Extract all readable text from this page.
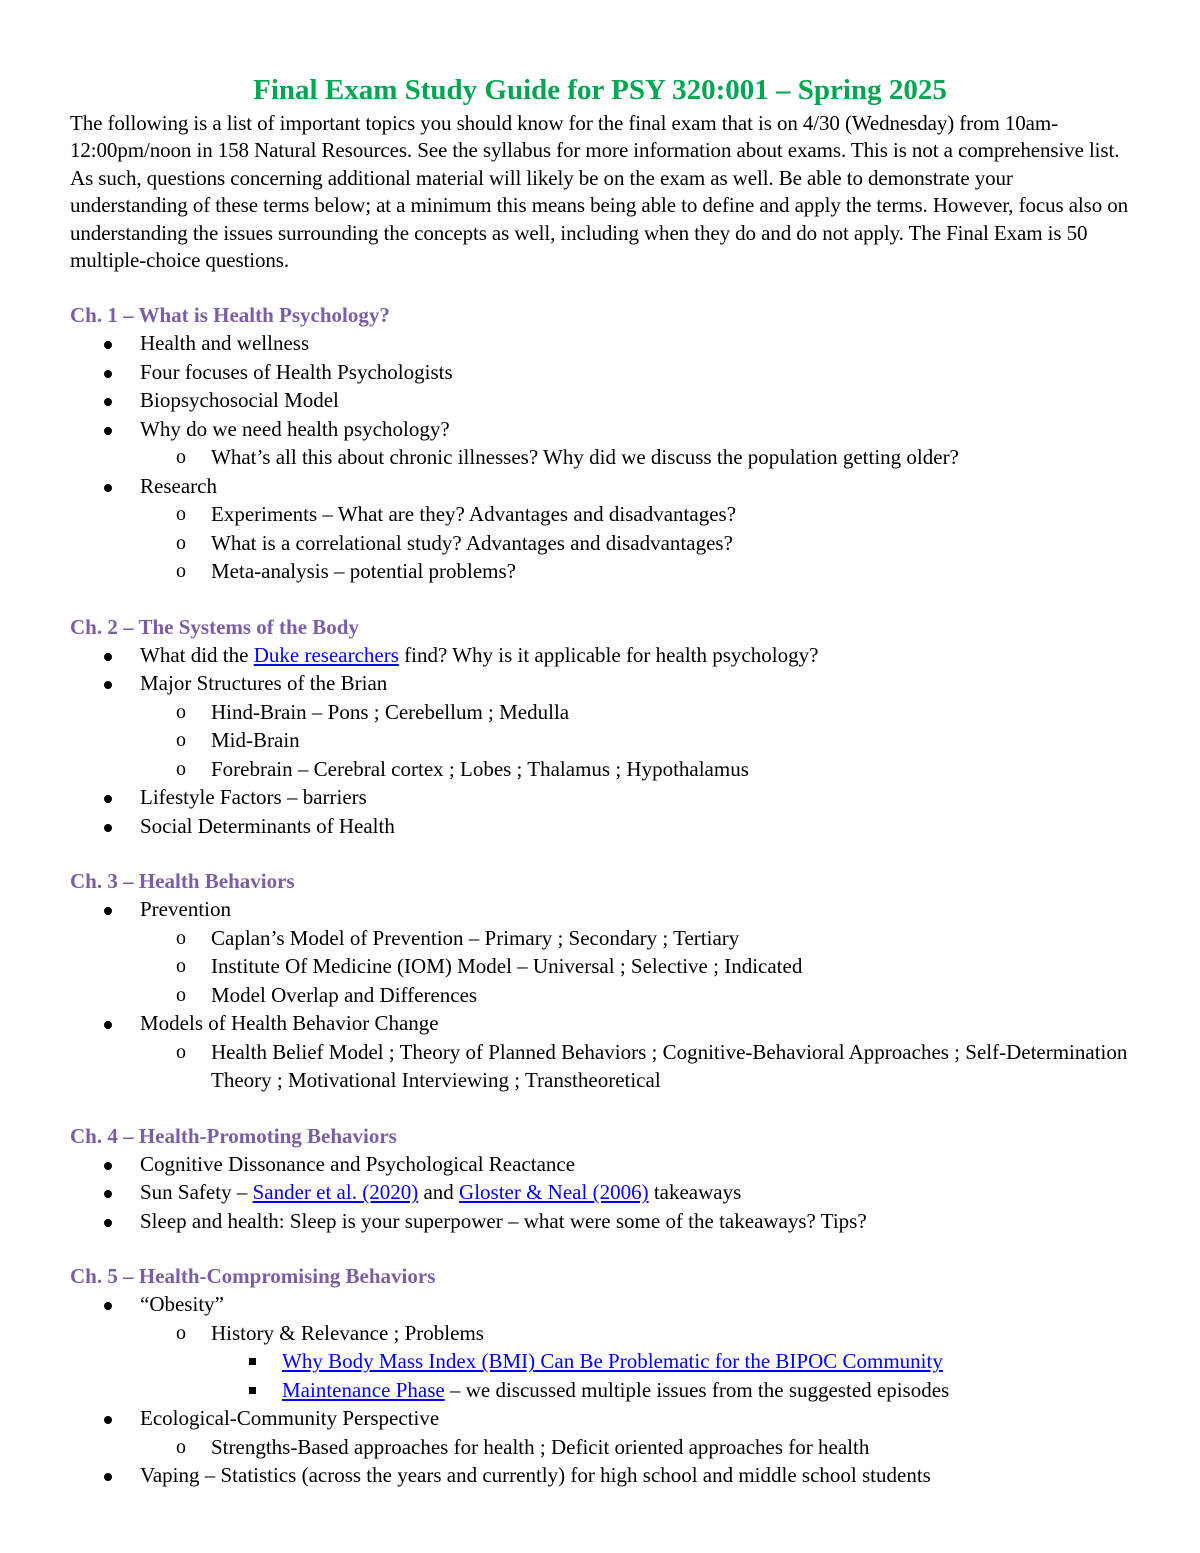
Final Exam Study Guide for PSY 320:001 – Spring 2025

The following is a list of important topics you should know for the final exam that is on 4/30 (Wednesday) from 10am-12:00pm/noon in 158 Natural Resources. See the syllabus for more information about exams. This is not a comprehensive list. As such, questions concerning additional material will likely be on the exam as well. Be able to demonstrate your understanding of these terms below; at a minimum this means being able to define and apply the terms. However, focus also on understanding the issues surrounding the concepts as well, including when they do and do not apply. The Final Exam is 50 multiple-choice questions.

Ch. 1 – What is Health Psychology?
Health and wellness
Four focuses of Health Psychologists
Biopsychosocial Model
Why do we need health psychology?
o What’s all this about chronic illnesses? Why did we discuss the population getting older?
Research
o Experiments – What are they? Advantages and disadvantages?
o What is a correlational study? Advantages and disadvantages?
o Meta-analysis – potential problems?
Ch. 2 – The Systems of the Body
What did the Duke researchers find? Why is it applicable for health psychology?
Major Structures of the Brian
o Hind-Brain – Pons ; Cerebellum ; Medulla
o Mid-Brain
o Forebrain – Cerebral cortex ; Lobes ; Thalamus ; Hypothalamus
Lifestyle Factors – barriers
Social Determinants of Health
Ch. 3 – Health Behaviors
Prevention
o Caplan’s Model of Prevention – Primary ; Secondary ; Tertiary
o Institute Of Medicine (IOM) Model – Universal ; Selective ; Indicated
o Model Overlap and Differences
Models of Health Behavior Change
o Health Belief Model ; Theory of Planned Behaviors ; Cognitive-Behavioral Approaches ; Self-Determination Theory ; Motivational Interviewing ; Transtheoretical
Ch. 4 – Health-Promoting Behaviors
Cognitive Dissonance and Psychological Reactance
Sun Safety – Sander et al. (2020) and Gloster & Neal (2006) takeaways
Sleep and health: Sleep is your superpower – what were some of the takeaways? Tips?
Ch. 5 – Health-Compromising Behaviors
“Obesity”
o History & Relevance ; Problems
Why Body Mass Index (BMI) Can Be Problematic for the BIPOC Community
Maintenance Phase – we discussed multiple issues from the suggested episodes
Ecological-Community Perspective
o Strengths-Based approaches for health ; Deficit oriented approaches for health
Vaping – Statistics (across the years and currently) for high school and middle school students
